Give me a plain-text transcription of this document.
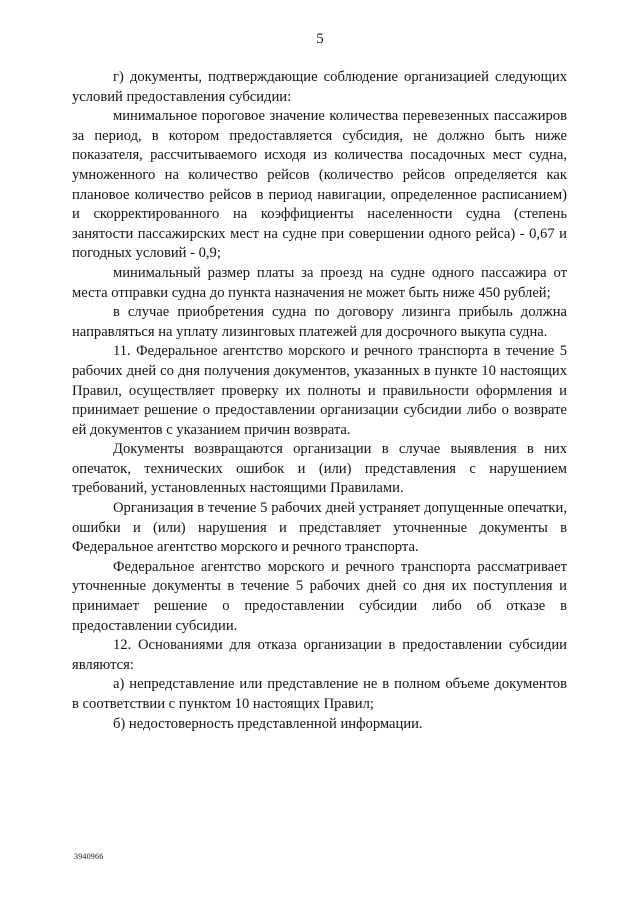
5

г) документы, подтверждающие соблюдение организацией следующих условий предоставления субсидии:

минимальное пороговое значение количества перевезенных пассажиров за период, в котором предоставляется субсидия, не должно быть ниже показателя, рассчитываемого исходя из количества посадочных мест судна, умноженного на количество рейсов (количество рейсов определяется как плановое количество рейсов в период навигации, определенное расписанием) и скорректированного на коэффициенты населенности судна (степень занятости пассажирских мест на судне при совершении одного рейса) - 0,67 и погодных условий - 0,9;

минимальный размер платы за проезд на судне одного пассажира от места отправки судна до пункта назначения не может быть ниже 450 рублей;

в случае приобретения судна по договору лизинга прибыль должна направляться на уплату лизинговых платежей для досрочного выкупа судна.

11. Федеральное агентство морского и речного транспорта в течение 5 рабочих дней со дня получения документов, указанных в пункте 10 настоящих Правил, осуществляет проверку их полноты и правильности оформления и принимает решение о предоставлении организации субсидии либо о возврате ей документов с указанием причин возврата.

Документы возвращаются организации в случае выявления в них опечаток, технических ошибок и (или) представления с нарушением требований, установленных настоящими Правилами.

Организация в течение 5 рабочих дней устраняет допущенные опечатки, ошибки и (или) нарушения и представляет уточненные документы в Федеральное агентство морского и речного транспорта.

Федеральное агентство морского и речного транспорта рассматривает уточненные документы в течение 5 рабочих дней со дня их поступления и принимает решение о предоставлении субсидии либо об отказе в предоставлении субсидии.

12. Основаниями для отказа организации в предоставлении субсидии являются:

а) непредставление или представление не в полном объеме документов в соответствии с пунктом 10 настоящих Правил;

б) недостоверность представленной информации.

3940966
